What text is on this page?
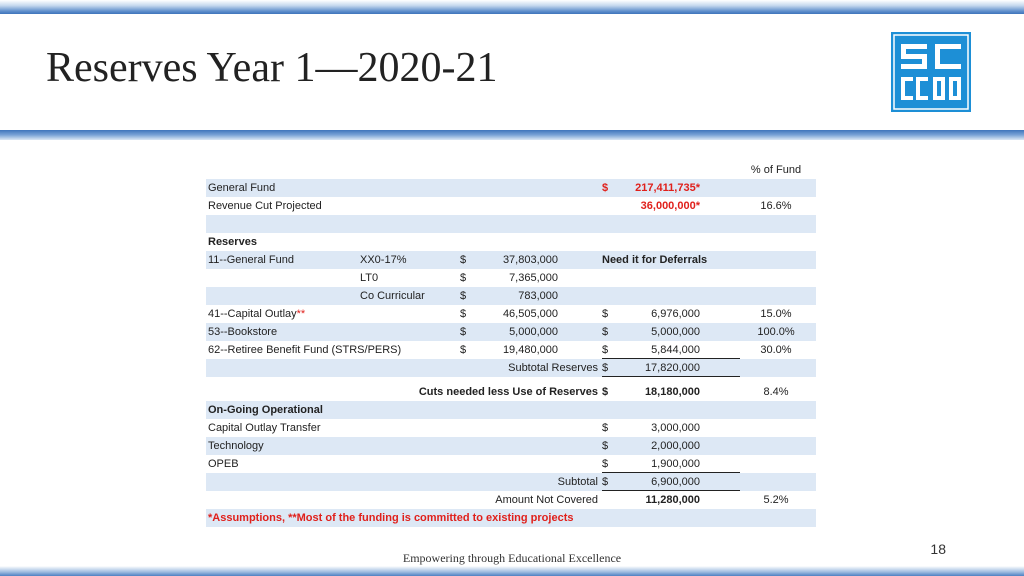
Reserves Year 1—2020-21
% of Fund
General Fund	$	217,411,735*
Revenue Cut Projected	36,000,000*	16.6%
Reserves
11--General Fund	XX0-17%	$	37,803,000	Need it for Deferrals
LT0	$	7,365,000
Co Curricular	$	783,000
41--Capital Outlay**	$	46,505,000	$	6,976,000	15.0%
53--Bookstore	$	5,000,000	$	5,000,000	100.0%
62--Retiree Benefit Fund (STRS/PERS)	$	19,480,000	$	5,844,000	30.0%
Subtotal Reserves $	17,820,000
Cuts needed less Use of Reserves $	18,180,000	8.4%
On-Going Operational
Capital Outlay Transfer	$	3,000,000
Technology	$	2,000,000
OPEB	$	1,900,000
Subtotal $	6,900,000
Amount Not Covered	11,280,000	5.2%
*Assumptions, **Most of the funding is committed to existing projects
Empowering through Educational Excellence
18
